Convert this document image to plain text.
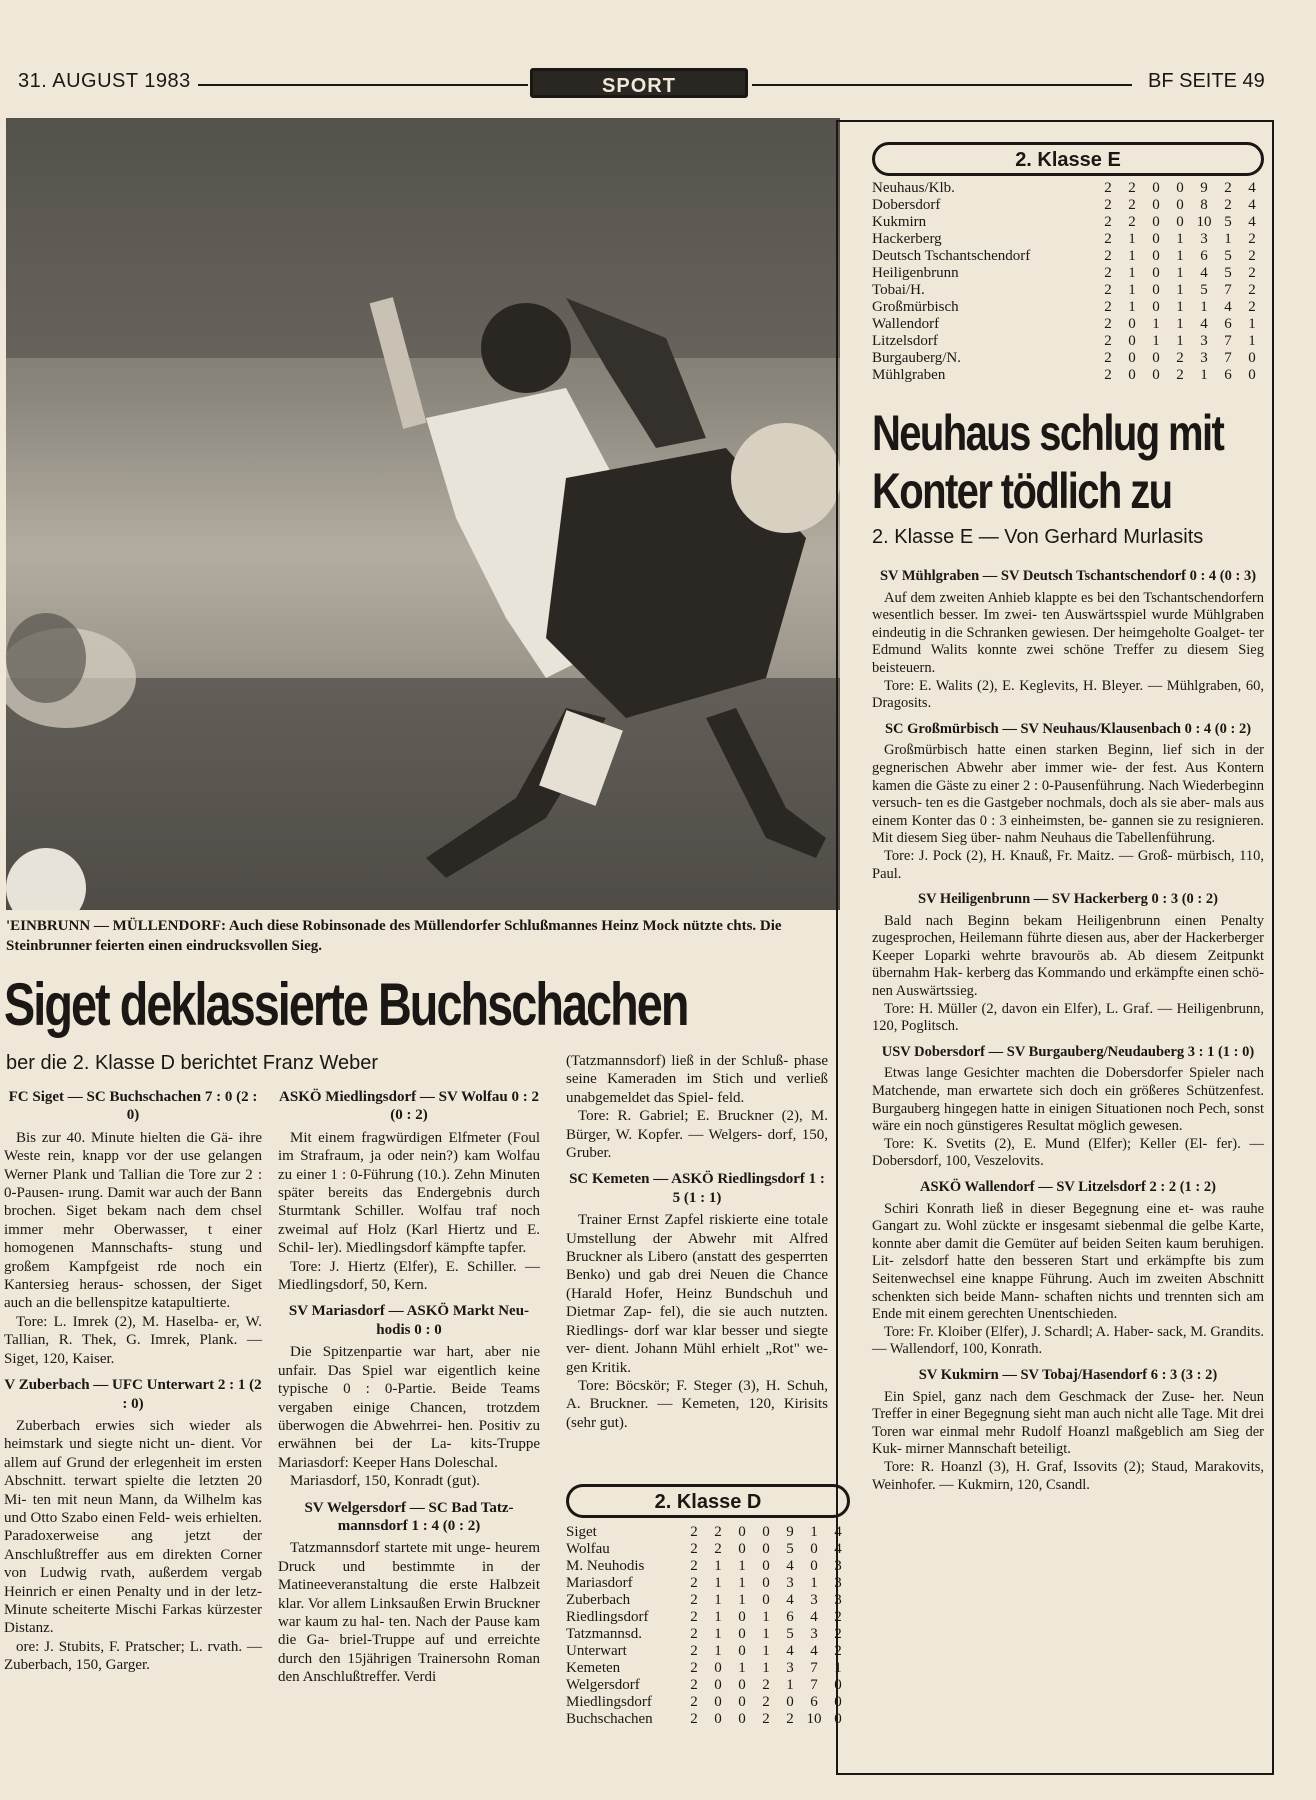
31. AUGUST 1983	SPORT	BF SEITE 49
'EINBRUNN — MÜLLENDORF: Auch diese Robinsonade des Müllendorfer Schlußmannes Heinz Mock nützte chts. Die Steinbrunner feierten einen eindrucksvollen Sieg.
Siget deklassierte Buchschachen
ber die 2. Klasse D berichtet Franz Weber
FC Siget — SC Buchschachen 7 : 0 (2 : 0)

Bis zur 40. Minute hielten die Gä- ihre Weste rein, knapp vor der use gelangen Werner Plank und Tallian die Tore zur 2 : 0-Pausen- ırung. Damit war auch der Bann brochen. Siget bekam nach dem chsel immer mehr Oberwasser, t einer homogenen Mannschafts- stung und großem Kampfgeist rde noch ein Kantersieg heraus- schossen, der Siget auch an die bellenspitze katapultierte.

Tore: L. Imrek (2), M. Haselba- er, W. Tallian, R. Thek, G. Imrek, Plank. — Siget, 120, Kaiser.

V Zuberbach — UFC Unterwart 2 : 1 (2 : 0)

Zuberbach erwies sich wieder als heimstark und siegte nicht un- dient. Vor allem auf Grund der erlegenheit im ersten Abschnitt. terwart spielte die letzten 20 Mi- ten mit neun Mann, da Wilhelm kas und Otto Szabo einen Feld- weis erhielten. Paradoxerweise ang jetzt der Anschlußtreffer aus em direkten Corner von Ludwig rvath, außerdem vergab Heinrich er einen Penalty und in der letz- Minute scheiterte Mischi Farkas kürzester Distanz.

ore: J. Stubits, F. Pratscher; L. rvath. — Zuberbach, 150, Garger.

ASKÖ Miedlingsdorf — SV Wolfau 0 : 2 (0 : 2)

Mit einem fragwürdigen Elfmeter (Foul im Strafraum, ja oder nein?) kam Wolfau zu einer 1 : 0-Führung (10.). Zehn Minuten später bereits das Endergebnis durch Sturmtank Schiller. Wolfau traf noch zweimal auf Holz (Karl Hiertz und E. Schil- ler). Miedlingsdorf kämpfte tapfer.

Tore: J. Hiertz (Elfer), E. Schiller. — Miedlingsdorf, 50, Kern.

SV Mariasdorf — ASKÖ Markt Neu- hodis 0 : 0

Die Spitzenpartie war hart, aber nie unfair. Das Spiel war eigentlich keine typische 0 : 0-Partie. Beide Teams vergaben einige Chancen, trotzdem überwogen die Abwehrrei- hen. Positiv zu erwähnen bei der La- kits-Truppe Mariasdorf: Keeper Hans Doleschal.

Mariasdorf, 150, Konradt (gut).

SV Welgersdorf — SC Bad Tatz- mannsdorf 1 : 4 (0 : 2)

Tatzmannsdorf startete mit unge- heurem Druck und bestimmte in der Matineeveranstaltung die erste Halbzeit klar. Vor allem Linksaußen Erwin Bruckner war kaum zu hal- ten. Nach der Pause kam die Ga- briel-Truppe auf und erreichte durch den 15jährigen Trainersohn Roman den Anschlußtreffer. Verdi

(Tatzmannsdorf) ließ in der Schluß- phase seine Kameraden im Stich und verließ unabgemeldet das Spiel- feld.

Tore: R. Gabriel; E. Bruckner (2), M. Bürger, W. Kopfer. — Welgers- dorf, 150, Gruber.

SC Kemeten — ASKÖ Riedlingsdorf 1 : 5 (1 : 1)

Trainer Ernst Zapfel riskierte eine totale Umstellung der Abwehr mit Alfred Bruckner als Libero (anstatt des gesperrten Benko) und gab drei Neuen die Chance (Harald Hofer, Heinz Bundschuh und Dietmar Zap- fel), die sie auch nutzten. Riedlings- dorf war klar besser und siegte ver- dient. Johann Mühl erhielt „Rot" we- gen Kritik.

Tore: Böcskör; F. Steger (3), H. Schuh, A. Bruckner. — Kemeten, 120, Kirisits (sehr gut).

2. Klasse D
Siget	2	2	0	0	9	1	4
Wolfau	2	2	0	0	5	0	4
M. Neuhodis	2	1	1	0	4	0	3
Mariasdorf	2	1	1	0	3	1	3
Zuberbach	2	1	1	0	4	3	3
Riedlingsdorf	2	1	0	1	6	4	2
Tatzmannsd.	2	1	0	1	5	3	2
Unterwart	2	1	0	1	4	4	2
Kemeten	2	0	1	1	3	7	1
Welgersdorf	2	0	0	2	1	7	0
Miedlingsdorf	2	0	0	2	0	6	0
Buchschachen	2	0	0	2	2	10	0
2. Klasse E
Neuhaus/Klb.	2	2	0	0	9	2	4
Dobersdorf	2	2	0	0	8	2	4
Kukmirn	2	2	0	0	10	5	4
Hackerberg	2	1	0	1	3	1	2
Deutsch Tschantschendorf	2	1	0	1	6	5	2
Heiligenbrunn	2	1	0	1	4	5	2
Tobai/H.	2	1	0	1	5	7	2
Großmürbisch	2	1	0	1	1	4	2
Wallendorf	2	0	1	1	4	6	1
Litzelsdorf	2	0	1	1	3	7	1
Burgauberg/N.	2	0	0	2	3	7	0
Mühlgraben	2	0	0	2	1	6	0
Neuhaus schlug mit
Konter tödlich zu
2. Klasse E — Von Gerhard Murlasits
SV Mühlgraben — SV Deutsch Tschantschendorf 0 : 4 (0 : 3)

Auf dem zweiten Anhieb klappte es bei den Tschantschendorfern wesentlich besser. Im zwei- ten Auswärtsspiel wurde Mühlgraben eindeutig in die Schranken gewiesen. Der heimgeholte Goalget- ter Edmund Walits konnte zwei schöne Treffer zu diesem Sieg beisteuern.

Tore: E. Walits (2), E. Keglevits, H. Bleyer. — Mühlgraben, 60, Dragosits.

SC Großmürbisch — SV Neuhaus/Klausenbach 0 : 4 (0 : 2)

Großmürbisch hatte einen starken Beginn, lief sich in der gegnerischen Abwehr aber immer wie- der fest. Aus Kontern kamen die Gäste zu einer 2 : 0-Pausenführung. Nach Wiederbeginn versuch- ten es die Gastgeber nochmals, doch als sie aber- mals aus einem Konter das 0 : 3 einheimsten, be- gannen sie zu resignieren. Mit diesem Sieg über- nahm Neuhaus die Tabellenführung.

Tore: J. Pock (2), H. Knauß, Fr. Maitz. — Groß- mürbisch, 110, Paul.

SV Heiligenbrunn — SV Hackerberg 0 : 3 (0 : 2)

Bald nach Beginn bekam Heiligenbrunn einen Penalty zugesprochen, Heilemann führte diesen aus, aber der Hackerberger Keeper Loparki wehrte bravourös ab. Ab diesem Zeitpunkt übernahm Hak- kerberg das Kommando und erkämpfte einen schö- nen Auswärtssieg.

Tore: H. Müller (2, davon ein Elfer), L. Graf. — Heiligenbrunn, 120, Poglitsch.

USV Dobersdorf — SV Burgauberg/Neudauberg 3 : 1 (1 : 0)

Etwas lange Gesichter machten die Dobersdorfer Spieler nach Matchende, man erwartete sich doch ein größeres Schützenfest. Burgauberg hingegen hatte in einigen Situationen noch Pech, sonst wäre ein noch günstigeres Resultat möglich gewesen.

Tore: K. Svetits (2), E. Mund (Elfer); Keller (El- fer). — Dobersdorf, 100, Veszelovits.

ASKÖ Wallendorf — SV Litzelsdorf 2 : 2 (1 : 2)

Schiri Konrath ließ in dieser Begegnung eine et- was rauhe Gangart zu. Wohl zückte er insgesamt siebenmal die gelbe Karte, konnte aber damit die Gemüter auf beiden Seiten kaum beruhigen. Lit- zelsdorf hatte den besseren Start und erkämpfte bis zum Seitenwechsel eine knappe Führung. Auch im zweiten Abschnitt schenkten sich beide Mann- schaften nichts und trennten sich am Ende mit einem gerechten Unentschieden.

Tore: Fr. Kloiber (Elfer), J. Schardl; A. Haber- sack, M. Grandits. — Wallendorf, 100, Konrath.

SV Kukmirn — SV Tobaj/Hasendorf 6 : 3 (3 : 2)

Ein Spiel, ganz nach dem Geschmack der Zuse- her. Neun Treffer in einer Begegnung sieht man auch nicht alle Tage. Mit drei Toren war einmal mehr Rudolf Hoanzl maßgeblich am Sieg der Kuk- mirner Mannschaft beteiligt.

Tore: R. Hoanzl (3), H. Graf, Issovits (2); Staud, Marakovits, Weinhofer. — Kukmirn, 120, Csandl.
